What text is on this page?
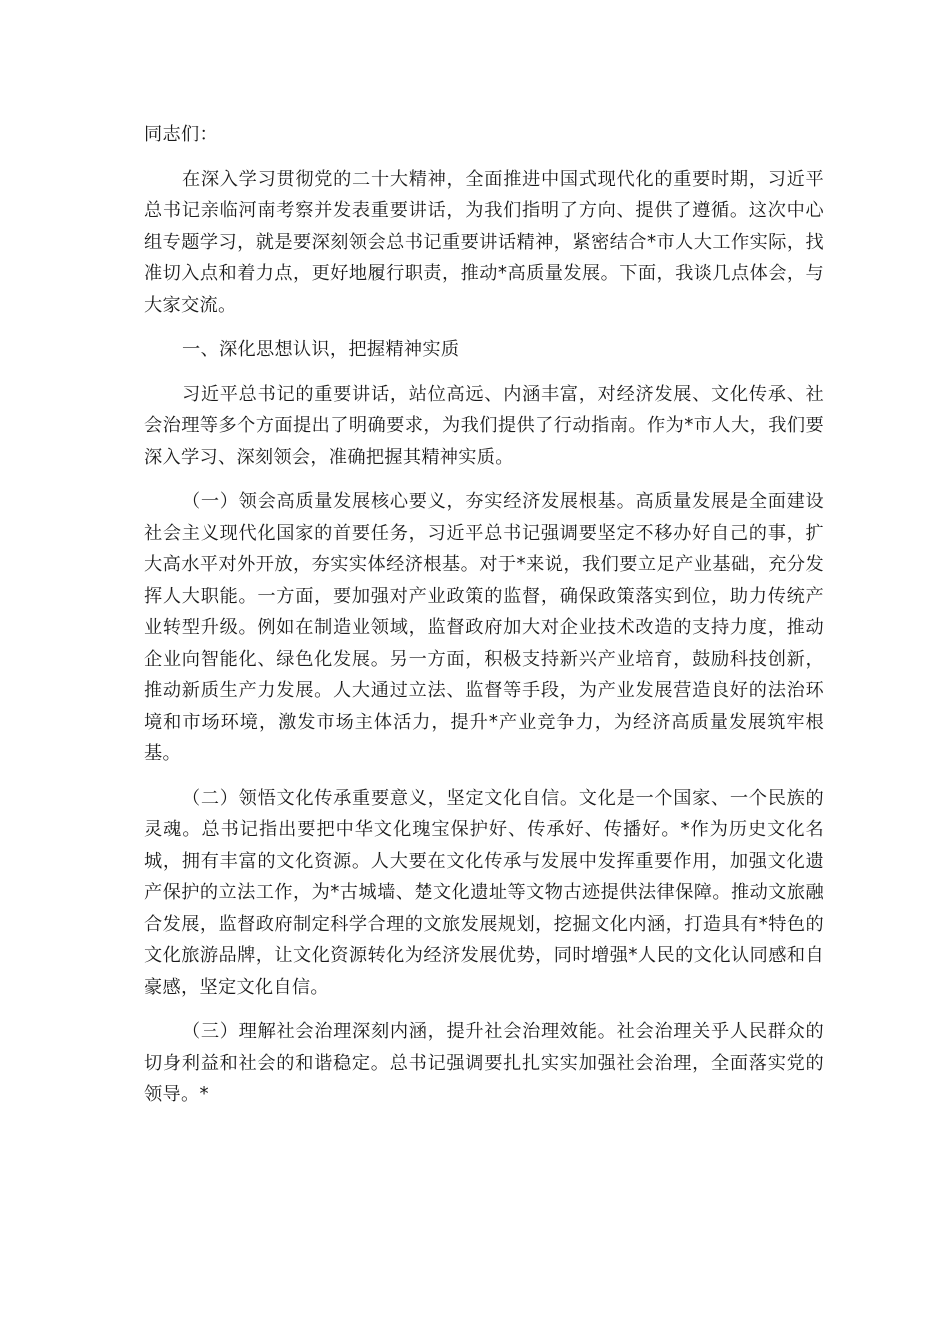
同志们：

在深入学习贯彻党的二十大精神，全面推进中国式现代化的重要时期，习近平总书记亲临河南考察并发表重要讲话，为我们指明了方向、提供了遵循。这次中心组专题学习，就是要深刻领会总书记重要讲话精神，紧密结合*市人大工作实际，找准切入点和着力点，更好地履行职责，推动*高质量发展。下面，我谈几点体会，与大家交流。

一、深化思想认识，把握精神实质

习近平总书记的重要讲话，站位高远、内涵丰富，对经济发展、文化传承、社会治理等多个方面提出了明确要求，为我们提供了行动指南。作为*市人大，我们要深入学习、深刻领会，准确把握其精神实质。

（一）领会高质量发展核心要义，夯实经济发展根基。高质量发展是全面建设社会主义现代化国家的首要任务，习近平总书记强调要坚定不移办好自己的事，扩大高水平对外开放，夯实实体经济根基。对于*来说，我们要立足产业基础，充分发挥人大职能。一方面，要加强对产业政策的监督，确保政策落实到位，助力传统产业转型升级。例如在制造业领域，监督政府加大对企业技术改造的支持力度，推动企业向智能化、绿色化发展。另一方面，积极支持新兴产业培育，鼓励科技创新，推动新质生产力发展。人大通过立法、监督等手段，为产业发展营造良好的法治环境和市场环境，激发市场主体活力，提升*产业竞争力，为经济高质量发展筑牢根基。

（二）领悟文化传承重要意义，坚定文化自信。文化是一个国家、一个民族的灵魂。总书记指出要把中华文化瑰宝保护好、传承好、传播好。*作为历史文化名城，拥有丰富的文化资源。人大要在文化传承与发展中发挥重要作用，加强文化遗产保护的立法工作，为*古城墙、楚文化遗址等文物古迹提供法律保障。推动文旅融合发展，监督政府制定科学合理的文旅发展规划，挖掘文化内涵，打造具有*特色的文化旅游品牌，让文化资源转化为经济发展优势，同时增强*人民的文化认同感和自豪感，坚定文化自信。

（三）理解社会治理深刻内涵，提升社会治理效能。社会治理关乎人民群众的切身利益和社会的和谐稳定。总书记强调要扎扎实实加强社会治理，全面落实党的领导。*
